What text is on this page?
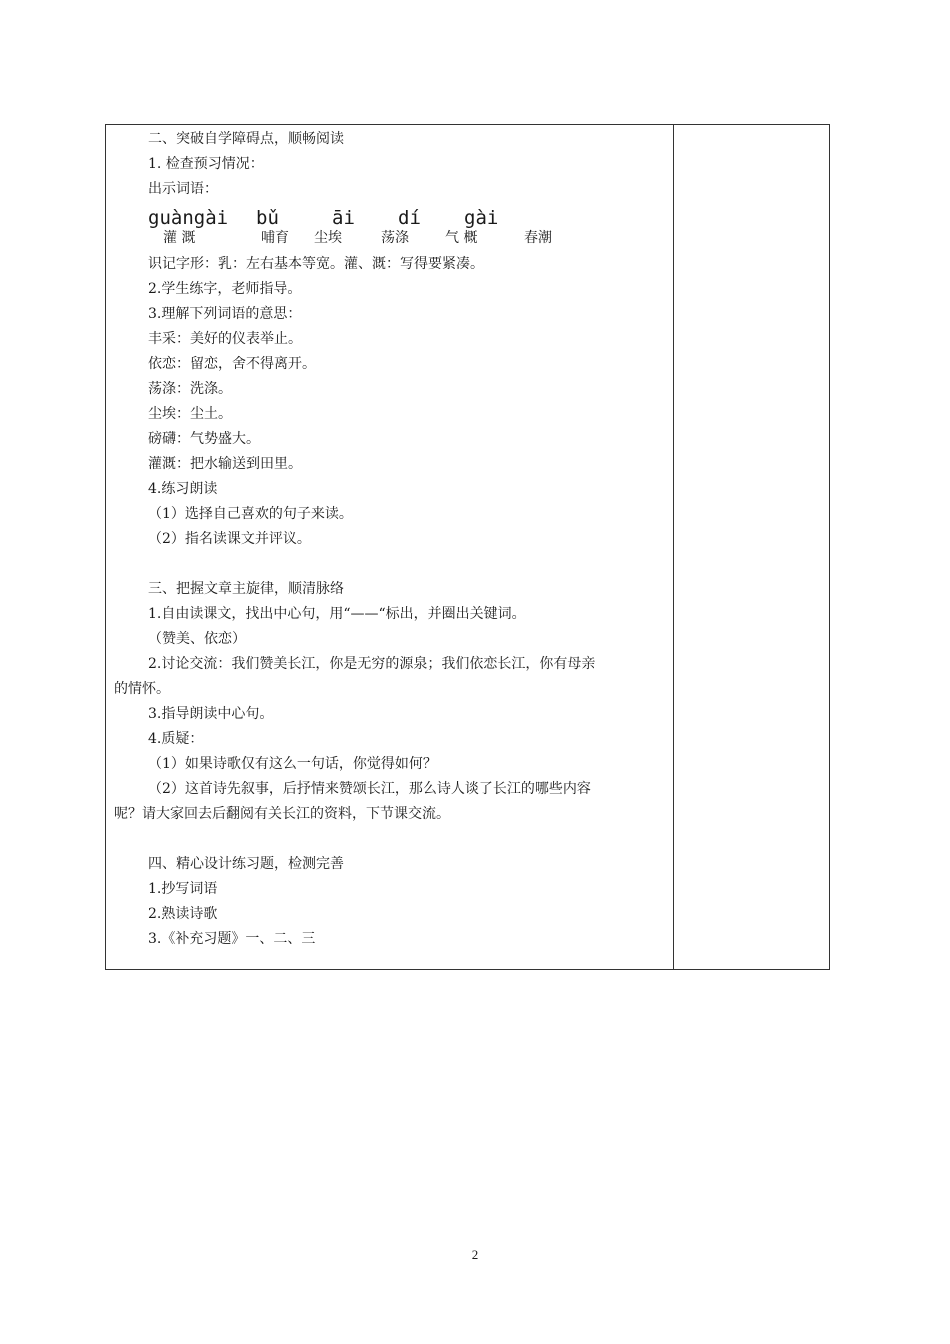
二、突破自学障碍点，顺畅阅读
1. 检查预习情况：
出示词语：
guàngài bǔ	āi dí gài
灌 溉	哺育 尘埃	荡涤	气 概	春潮
识记字形：乳：左右基本等宽。灌、溉：写得要紧凑。
2.学生练字，老师指导。
3.理解下列词语的意思：
丰采：美好的仪表举止。
依恋：留恋，舍不得离开。
荡涤：洗涤。
尘埃：尘土。
磅礴：气势盛大。
灌溉：把水输送到田里。
4.练习朗读
（1）选择自己喜欢的句子来读。
（2）指名读课文并评议。
三、把握文章主旋律，顺清脉络
1.自由读课文，找出中心句，用“——“标出，并圈出关键词。
（赞美、依恋）
2.讨论交流：我们赞美长江，你是无穷的源泉；我们依恋长江，你有母亲
的情怀。
3.指导朗读中心句。
4.质疑：
（1）如果诗歌仅有这么一句话，你觉得如何？
（2）这首诗先叙事，后抒情来赞颂长江，那么诗人谈了长江的哪些内容
呢？请大家回去后翻阅有关长江的资料，下节课交流。
四、精心设计练习题，检测完善
1.抄写词语
2.熟读诗歌
3.《补充习题》一、二、三
2
